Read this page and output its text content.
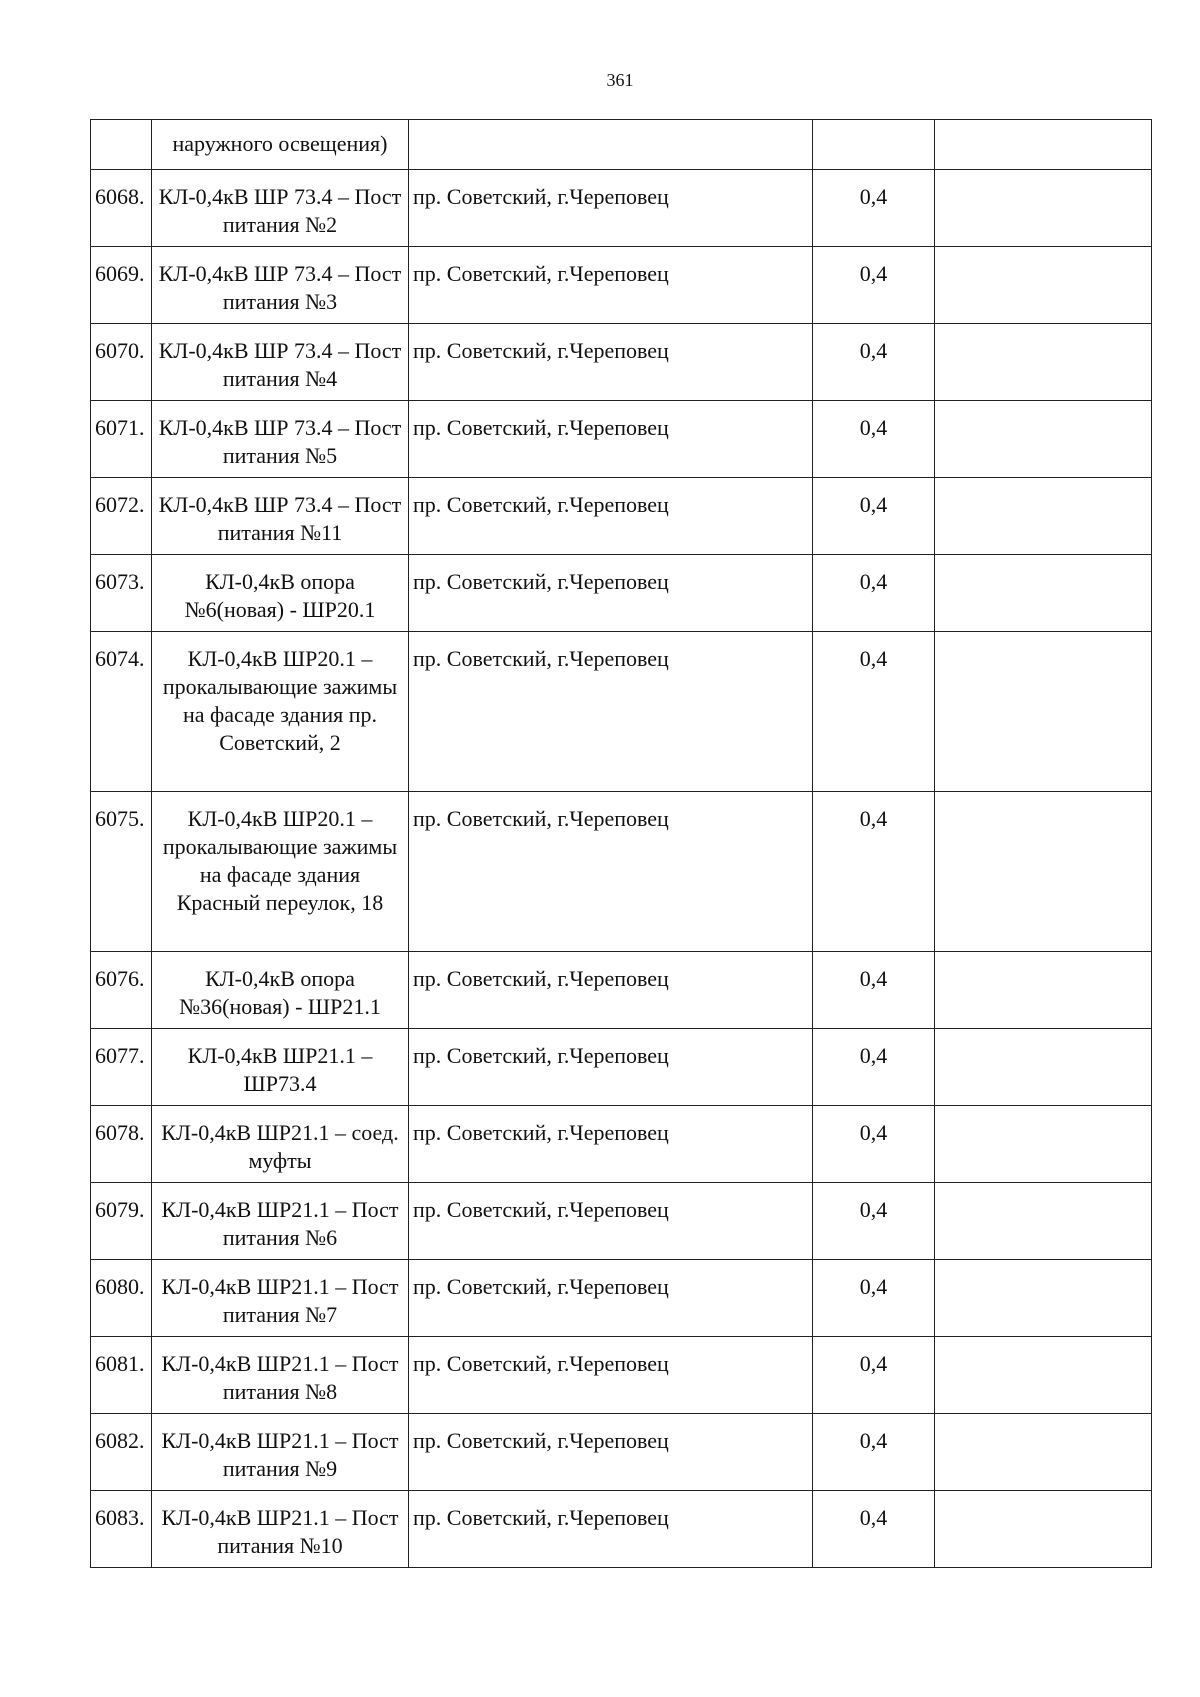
361
	наружного освещения)			
6068.	КЛ-0,4кВ ШР 73.4 – Пост питания №2	пр. Советский, г.Череповец	0,4	
6069.	КЛ-0,4кВ ШР 73.4 – Пост питания №3	пр. Советский, г.Череповец	0,4	
6070.	КЛ-0,4кВ ШР 73.4 – Пост питания №4	пр. Советский, г.Череповец	0,4	
6071.	КЛ-0,4кВ ШР 73.4 – Пост питания №5	пр. Советский, г.Череповец	0,4	
6072.	КЛ-0,4кВ ШР 73.4 – Пост питания №11	пр. Советский, г.Череповец	0,4	
6073.	КЛ-0,4кВ опора №6(новая) - ШР20.1	пр. Советский, г.Череповец	0,4	
6074.	КЛ-0,4кВ ШР20.1 – прокалывающие зажимы на фасаде здания пр. Советский, 2	пр. Советский, г.Череповец	0,4	
6075.	КЛ-0,4кВ ШР20.1 – прокалывающие зажимы на фасаде здания Красный переулок, 18	пр. Советский, г.Череповец	0,4	
6076.	КЛ-0,4кВ опора №36(новая) - ШР21.1	пр. Советский, г.Череповец	0,4	
6077.	КЛ-0,4кВ ШР21.1 – ШР73.4	пр. Советский, г.Череповец	0,4	
6078.	КЛ-0,4кВ ШР21.1 – соед. муфты	пр. Советский, г.Череповец	0,4	
6079.	КЛ-0,4кВ ШР21.1 – Пост питания №6	пр. Советский, г.Череповец	0,4	
6080.	КЛ-0,4кВ ШР21.1 – Пост питания №7	пр. Советский, г.Череповец	0,4	
6081.	КЛ-0,4кВ ШР21.1 – Пост питания №8	пр. Советский, г.Череповец	0,4	
6082.	КЛ-0,4кВ ШР21.1 – Пост питания №9	пр. Советский, г.Череповец	0,4	
6083.	КЛ-0,4кВ ШР21.1 – Пост питания №10	пр. Советский, г.Череповец	0,4	
